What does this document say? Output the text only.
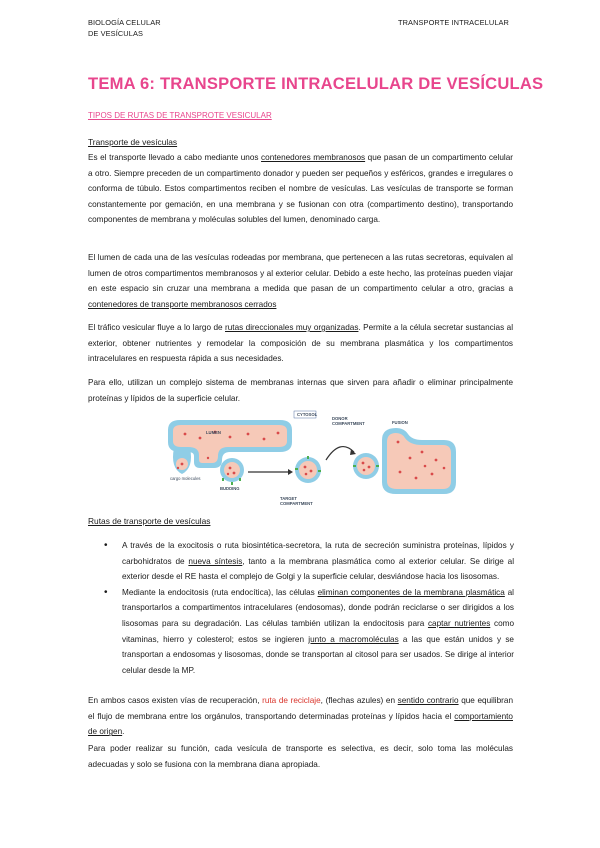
BIOLOGÍA CELULAR
DE VESÍCULAS
TRANSPORTE INTRACELULAR
TEMA 6: TRANSPORTE INTRACELULAR DE VESÍCULAS
TIPOS DE RUTAS DE TRANSPROTE VESICULAR
Transporte de vesículas

Es el transporte llevado a cabo mediante unos contenedores membranosos que pasan de un compartimento celular a otro. Siempre preceden de un compartimento donador y pueden ser pequeños y esféricos, grandes e irregulares o conforma de túbulo. Estos compartimentos reciben el nombre de vesículas. Las vesículas de transporte se forman constantemente por gemación, en una membrana y se fusionan con otra (compartimento destino), transportando componentes de membrana y moléculas solubles del lumen, denominado carga.

El lumen de cada una de las vesículas rodeadas por membrana, que pertenecen a las rutas secretoras, equivalen al lumen de otros compartimentos membranosos y al exterior celular. Debido a este hecho, las proteínas pueden viajar en este espacio sin cruzar una membrana a medida que pasan de un compartimento celular a otro, gracias a contenedores de transporte membranosos cerrados

El tráfico vesicular fluye a lo largo de rutas direccionales muy organizadas. Permite a la célula secretar sustancias al exterior, obtener nutrientes y remodelar la composición de su membrana plasmática y los compartimentos intracelulares en respuesta rápida a sus necesidades.

Para ello, utilizan un complejo sistema de membranas internas que sirven para añadir o eliminar principalmente proteínas y lípidos de la superficie celular.

CYTOSOL
LUMEN
DONOR
COMPARTMENT	FUSION
BUDDING
cargo molecules
TARGET
COMPARTMENT
Rutas de transporte de vesículas
• A través de la exocitosis o ruta biosintética-secretora, la ruta de secreción suministra proteínas, lípidos y carbohidratos de nueva síntesis, tanto a la membrana plasmática como al exterior celular. Se dirige al exterior desde el RE hasta el complejo de Golgi y la superficie celular, desviándose hacia los lisosomas.
• Mediante la endocitosis (ruta endocítica), las células eliminan componentes de la membrana plasmática al transportarlos a compartimentos intracelulares (endosomas), donde podrán reciclarse o ser dirigidos a los lisosomas para su degradación. Las células también utilizan la endocitosis para captar nutrientes como vitaminas, hierro y colesterol; estos se ingieren junto a macromoléculas a las que están unidos y se transportan a endosomas y lisosomas, donde se transportan al citosol para ser usados. Se dirige al interior celular desde la MP.

En ambos casos existen vías de recuperación, ruta de reciclaje, (flechas azules) en sentido contrario que equilibran el flujo de membrana entre los orgánulos, transportando determinadas proteínas y lípidos hacia el comportamiento de origen.

Para poder realizar su función, cada vesícula de transporte es selectiva, es decir, solo toma las moléculas adecuadas y solo se fusiona con la membrana diana apropiada.
